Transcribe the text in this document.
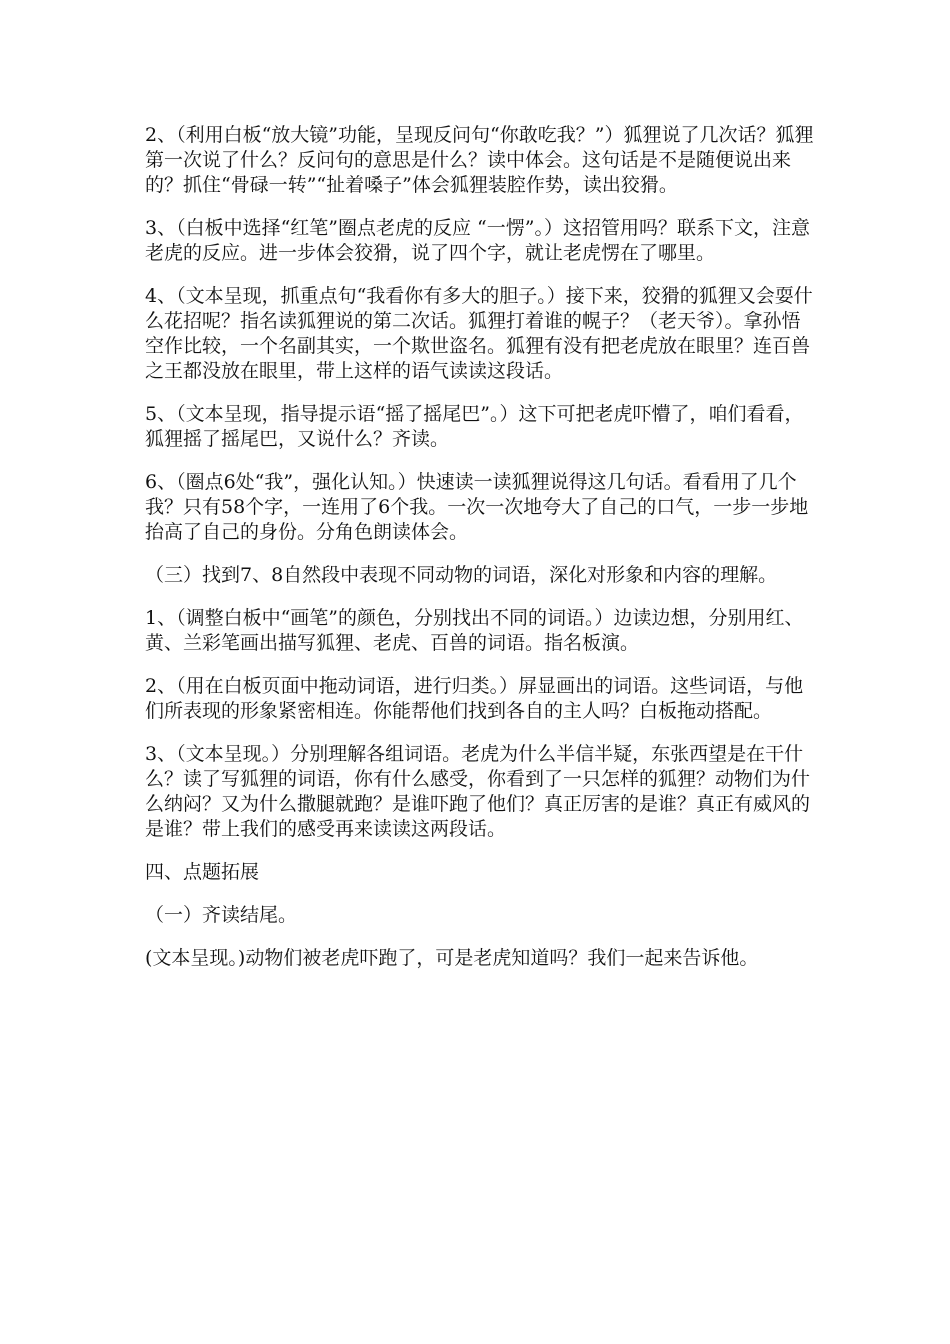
2、（利用白板“放大镜”功能，呈现反问句“你敢吃我？”）狐狸说了几次话？狐狸第一次说了什么？反问句的意思是什么？读中体会。这句话是不是随便说出来的？抓住“骨碌一转”“扯着嗓子”体会狐狸装腔作势，读出狡猾。

3、（白板中选择“红笔”圈点老虎的反应 “一愣”。）这招管用吗？联系下文，注意老虎的反应。进一步体会狡猾，说了四个字，就让老虎愣在了哪里。

4、（文本呈现，抓重点句“我看你有多大的胆子。）接下来，狡猾的狐狸又会耍什么花招呢？指名读狐狸说的第二次话。狐狸打着谁的幌子？（老天爷）。拿孙悟空作比较，一个名副其实，一个欺世盗名。狐狸有没有把老虎放在眼里？连百兽之王都没放在眼里，带上这样的语气读读这段话。

5、（文本呈现，指导提示语“摇了摇尾巴”。）这下可把老虎吓懵了，咱们看看，狐狸摇了摇尾巴，又说什么？齐读。

6、（圈点6处“我”，强化认知。）快速读一读狐狸说得这几句话。看看用了几个我？只有58个字，一连用了6个我。一次一次地夸大了自己的口气，一步一步地抬高了自己的身份。分角色朗读体会。

（三）找到7、8自然段中表现不同动物的词语，深化对形象和内容的理解。

1、（调整白板中“画笔”的颜色，分别找出不同的词语。）边读边想，分别用红、黄、兰彩笔画出描写狐狸、老虎、百兽的词语。指名板演。

2、（用在白板页面中拖动词语，进行归类。）屏显画出的词语。这些词语，与他们所表现的形象紧密相连。你能帮他们找到各自的主人吗？白板拖动搭配。

3、（文本呈现。）分别理解各组词语。老虎为什么半信半疑，东张西望是在干什么？读了写狐狸的词语，你有什么感受，你看到了一只怎样的狐狸？动物们为什么纳闷？又为什么撒腿就跑？是谁吓跑了他们？真正厉害的是谁？真正有威风的是谁？带上我们的感受再来读读这两段话。

四、点题拓展

（一）齐读结尾。

(文本呈现。)动物们被老虎吓跑了，可是老虎知道吗？我们一起来告诉他。
